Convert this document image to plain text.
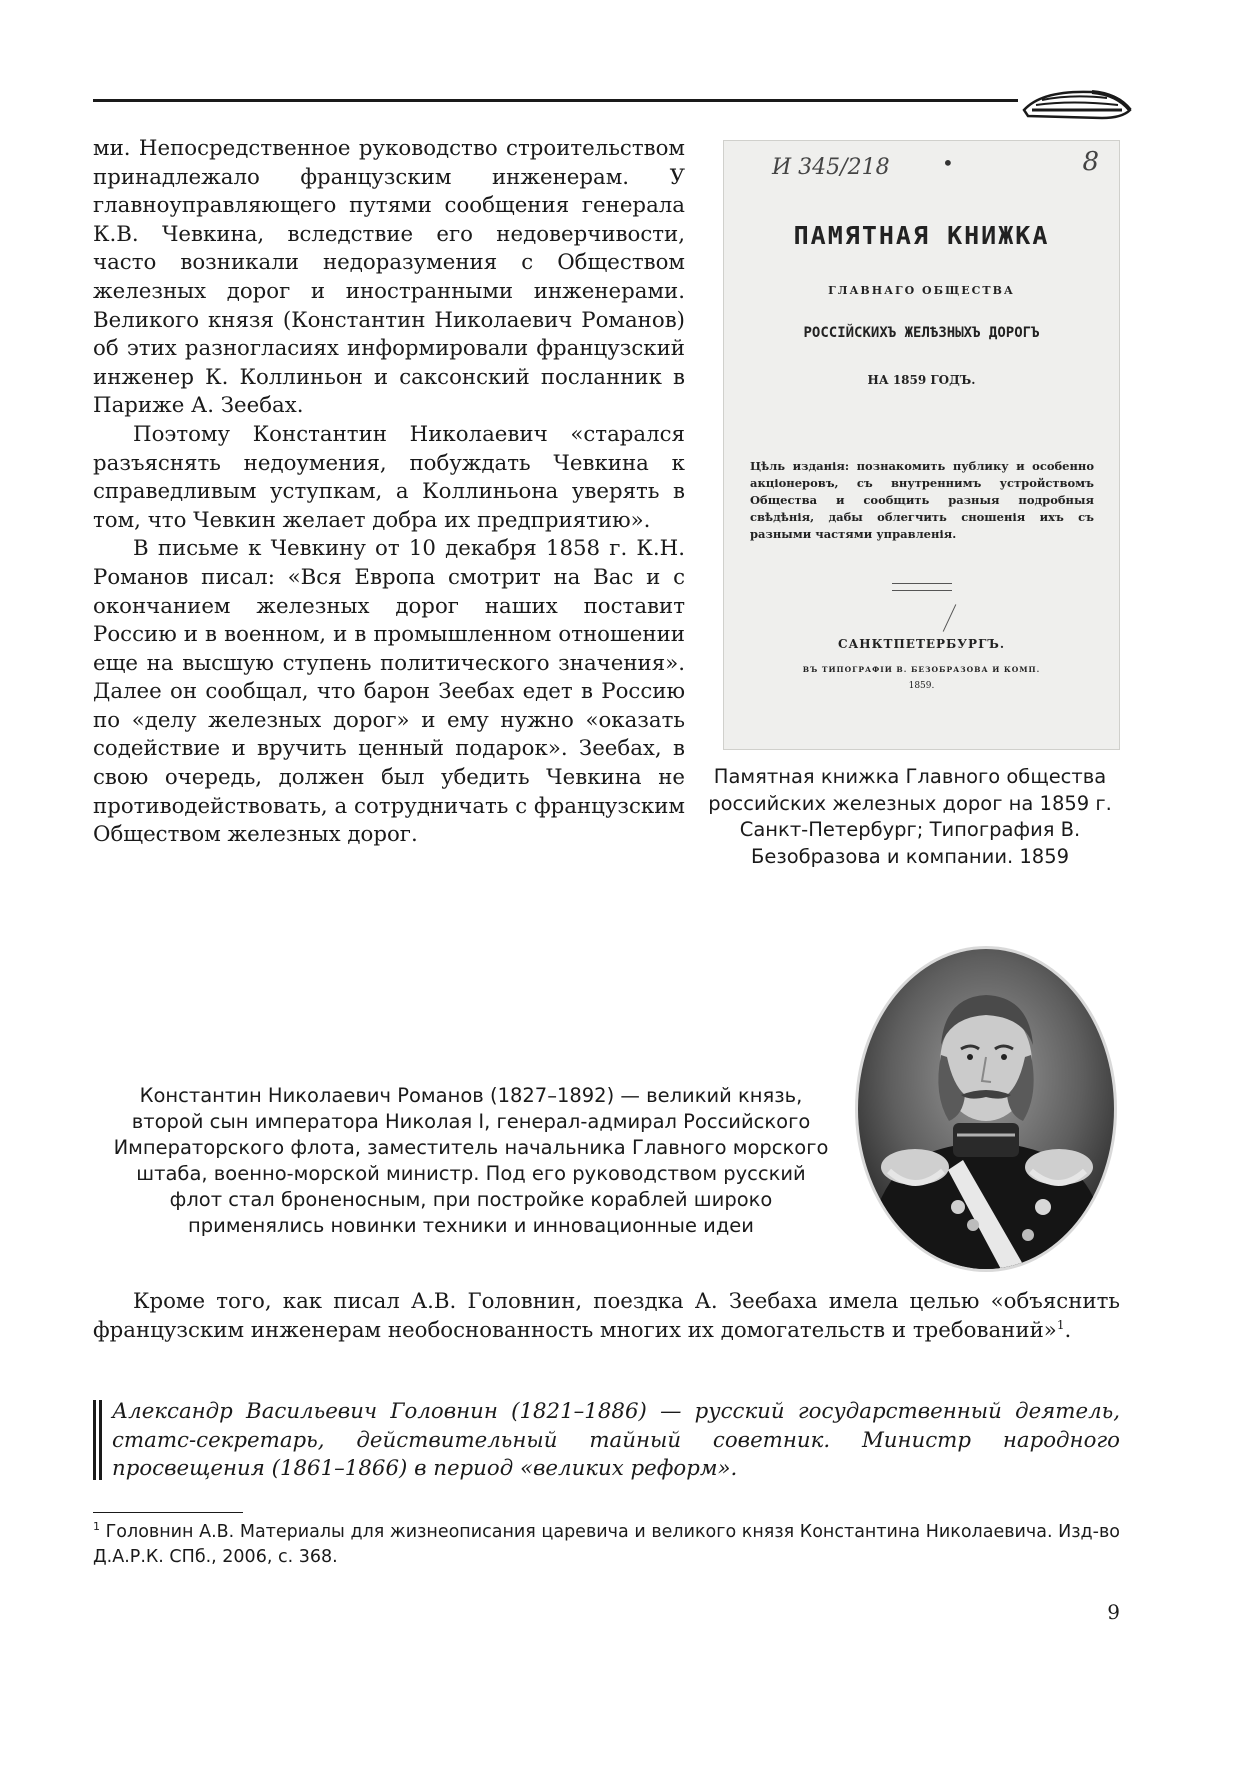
ми. Непосредственное руководство строительством принадлежало французским инженерам. У главноуправляющего путями сообщения генерала К.В. Чевкина, вследствие его недоверчивости, часто возникали недоразумения с Обществом железных дорог и иностранными инженерами. Великого князя (Константин Николаевич Романов) об этих разногласиях информировали французский инженер К. Коллиньон и саксонский посланник в Париже А. Зеебах.

Поэтому Константин Николаевич «старался разъяснять недоумения, побуждать Чевкина к справедливым уступкам, а Коллиньона уверять в том, что Чевкин желает добра их предприятию».

В письме к Чевкину от 10 декабря 1858 г. К.Н. Романов писал: «Вся Европа смотрит на Вас и с окончанием железных дорог наших поставит Россию и в военном, и в промышленном отношении еще на высшую ступень политического значения». Далее он сообщал, что барон Зеебах едет в Россию по «делу железных дорог» и ему нужно «оказать содействие и вручить ценный подарок». Зеебах, в свою очередь, должен был убедить Чевкина не противодействовать, а сотрудничать с французским Обществом железных дорог.

И 345/218	•	8
ПАМЯТНАЯ КНИЖКА
ГЛАВНАГО ОБЩЕСТВА
РОССІЙСКИХЪ ЖЕЛѢЗНЫХЪ ДОРОГЪ
НА 1859 ГОДЪ.
Цѣль изданія: познакомить публику и особенно акціонеровъ, съ внутреннимъ устройствомъ Общества и сообщить разныя подробныя свѣдѣнія, дабы облегчить сношенія ихъ съ разными частями управленія.
САНКТПЕТЕРБУРГЪ.
ВЪ ТИПОГРАФІИ В. БЕЗОБРАЗОВА И КОМП.
1859.
Памятная книжка Главного общества российских железных дорог на 1859 г. Санкт-Петербург; Типография В. Безобразова и компании. 1859
Константин Николаевич Романов (1827–1892) — великий князь, второй сын императора Николая I, генерал-адмирал Российского Императорского флота, заместитель начальника Главного морского штаба, военно-морской министр. Под его руководством русский флот стал броненосным, при постройке кораблей широко применялись новинки техники и инновационные идеи

Кроме того, как писал А.В. Головнин, поездка А. Зеебаха имела целью «объяснить французским инженерам необоснованность многих их домогательств и требований»$^1$.

Александр Васильевич Головнин (1821–1886) — русский государственный деятель, статс-секретарь, действительный тайный советник. Министр народного просвещения (1861–1866) в период «великих реформ».
$^1$ Головнин А.В. Материалы для жизнеописания царевича и великого князя Константина Николаевича. Изд-во Д.А.Р.К. СПб., 2006, с. 368.
9
